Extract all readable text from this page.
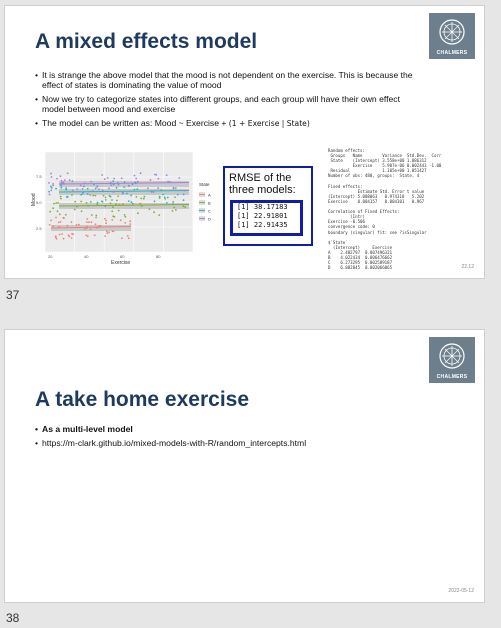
A mixed effects model	CHALMERS
• It is strange the above model that the mood is not dependent on the exercise. This is because the effect of states is dominating the value of mood
• Now we try to categorize states into different groups, and each group will have their own effect model between mood and exercise
• The model can be written as: Mood ~ Exercise + (1 + Exercise | State)
Mood
Exercise
20	40	60	80
7.5
5.0
2.5
State
A
B
C
D
RMSE of the
three models:
[1] 38.17183
[1] 22.91801
[1] 22.91435
Random effects:
Groups   Name        Variance  Std.Dev.  Corr
State    (Intercept) 3.558e+00 1.886312
Exercise    5.907e-06 0.002443 -1.00
Residual             1.105e+00 1.051427
Number of obs: 480, groups:  State, 4

Fixed effects:
Estimate Std. Error t value
(Intercept) 5.008063   0.974318   5.202
Exercise    0.004157   0.004301   0.967

Correlation of Fixed Effects:
(Intr)
Exercise -0.506
convergence code: 0
boundary (singular) fit: see ?isSingular

$`State`
(Intercept)     Exercise
A    2.482797  0.007496321
B    4.022434  0.006476662
C    6.273295  0.002589187
D    6.882845  0.002066065	22.12
37
CHALMERS
A take home exercise
• As a multi-level model
• https://m-clark.github.io/mixed-models-with-R/random_intercepts.html
2022-05-12
38
